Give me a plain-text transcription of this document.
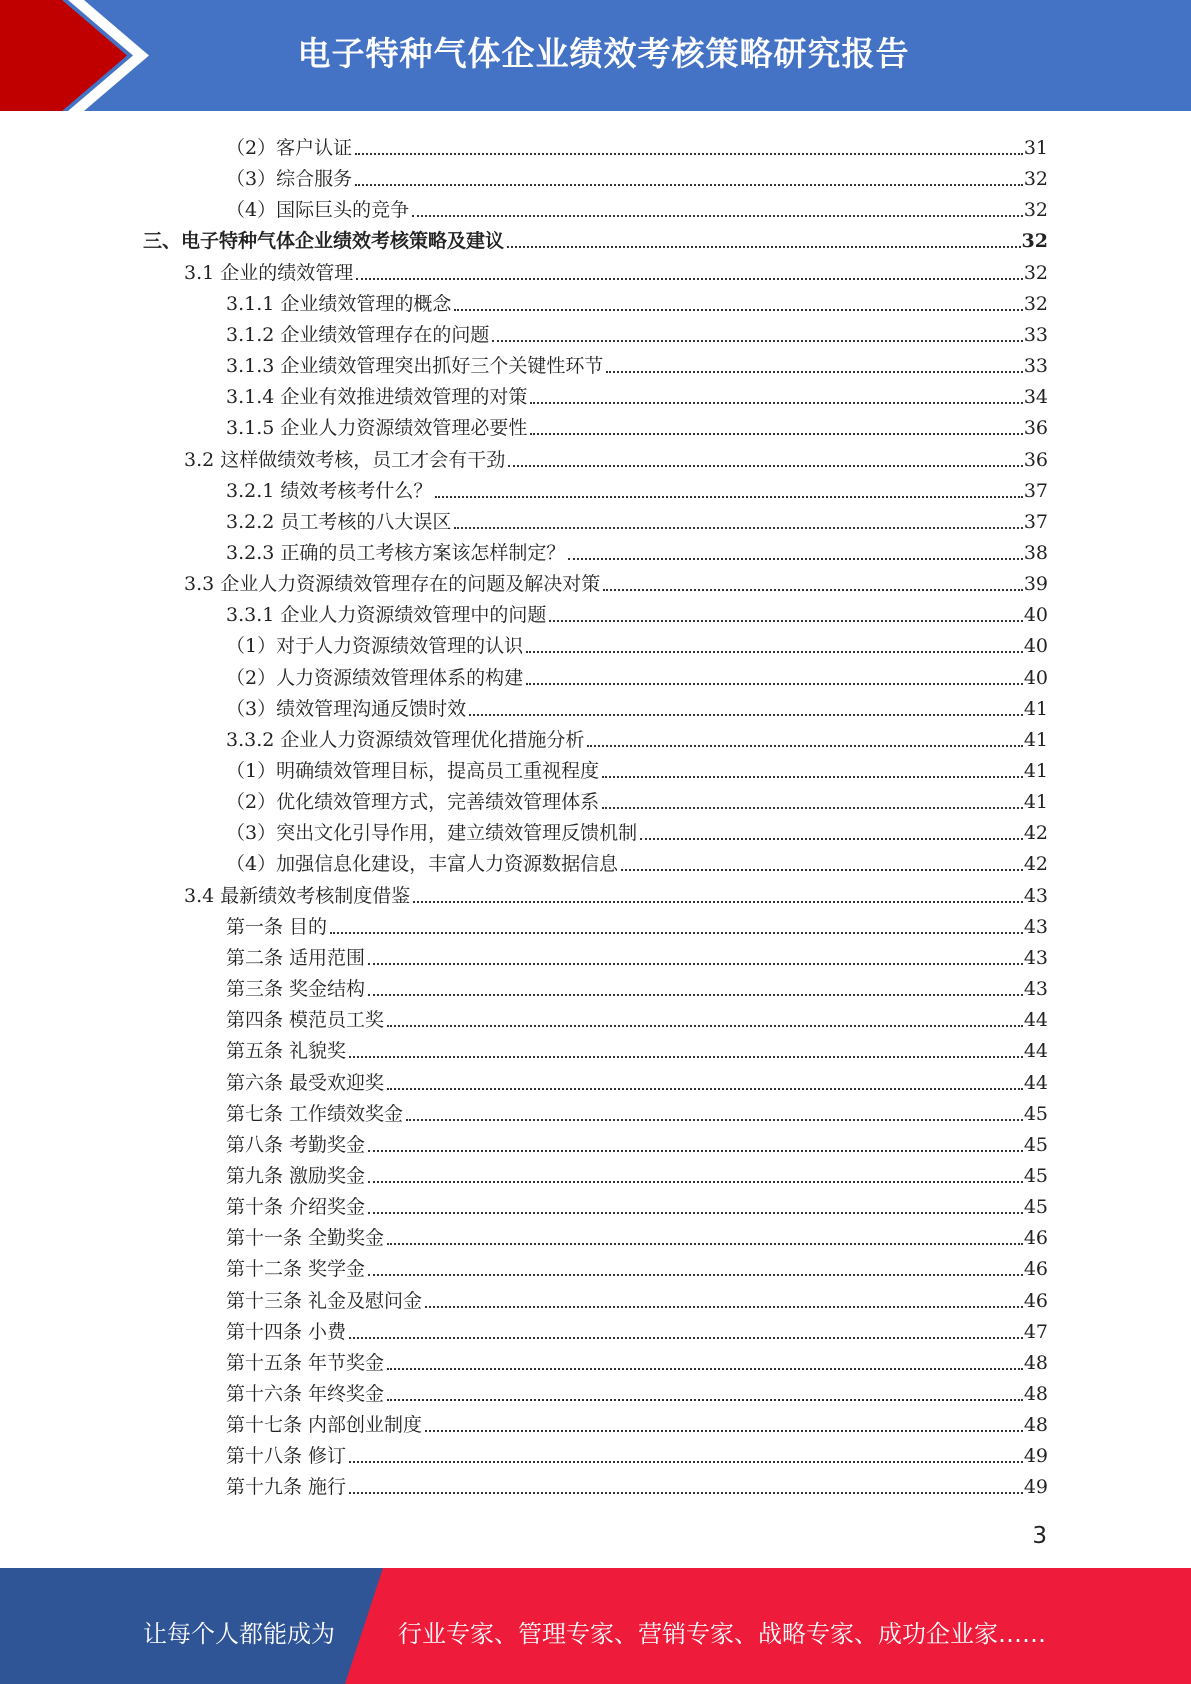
电子特种气体企业绩效考核策略研究报告
（2）客户认证	31
（3）综合服务	32
（4）国际巨头的竞争	32
三、电子特种气体企业绩效考核策略及建议	32
3.1 企业的绩效管理	32
3.1.1 企业绩效管理的概念	32
3.1.2 企业绩效管理存在的问题	33
3.1.3 企业绩效管理突出抓好三个关键性环节	33
3.1.4 企业有效推进绩效管理的对策	34
3.1.5 企业人力资源绩效管理必要性	36
3.2 这样做绩效考核，员工才会有干劲	36
3.2.1 绩效考核考什么？	37
3.2.2 员工考核的八大误区	37
3.2.3 正确的员工考核方案该怎样制定？	38
3.3 企业人力资源绩效管理存在的问题及解决对策	39
3.3.1 企业人力资源绩效管理中的问题	40
（1）对于人力资源绩效管理的认识	40
（2）人力资源绩效管理体系的构建	40
（3）绩效管理沟通反馈时效	41
3.3.2 企业人力资源绩效管理优化措施分析	41
（1）明确绩效管理目标，提高员工重视程度	41
（2）优化绩效管理方式，完善绩效管理体系	41
（3）突出文化引导作用，建立绩效管理反馈机制	42
（4）加强信息化建设，丰富人力资源数据信息	42
3.4 最新绩效考核制度借鉴	43
第一条 目的	43
第二条 适用范围	43
第三条 奖金结构	43
第四条 模范员工奖	44
第五条 礼貌奖	44
第六条 最受欢迎奖	44
第七条 工作绩效奖金	45
第八条 考勤奖金	45
第九条 激励奖金	45
第十条 介绍奖金	45
第十一条 全勤奖金	46
第十二条 奖学金	46
第十三条 礼金及慰问金	46
第十四条 小费	47
第十五条 年节奖金	48
第十六条 年终奖金	48
第十七条 内部创业制度	48
第十八条 修订	49
第十九条 施行	49
3
让每个人都能成为	行业专家、管理专家、营销专家、战略专家、成功企业家……
